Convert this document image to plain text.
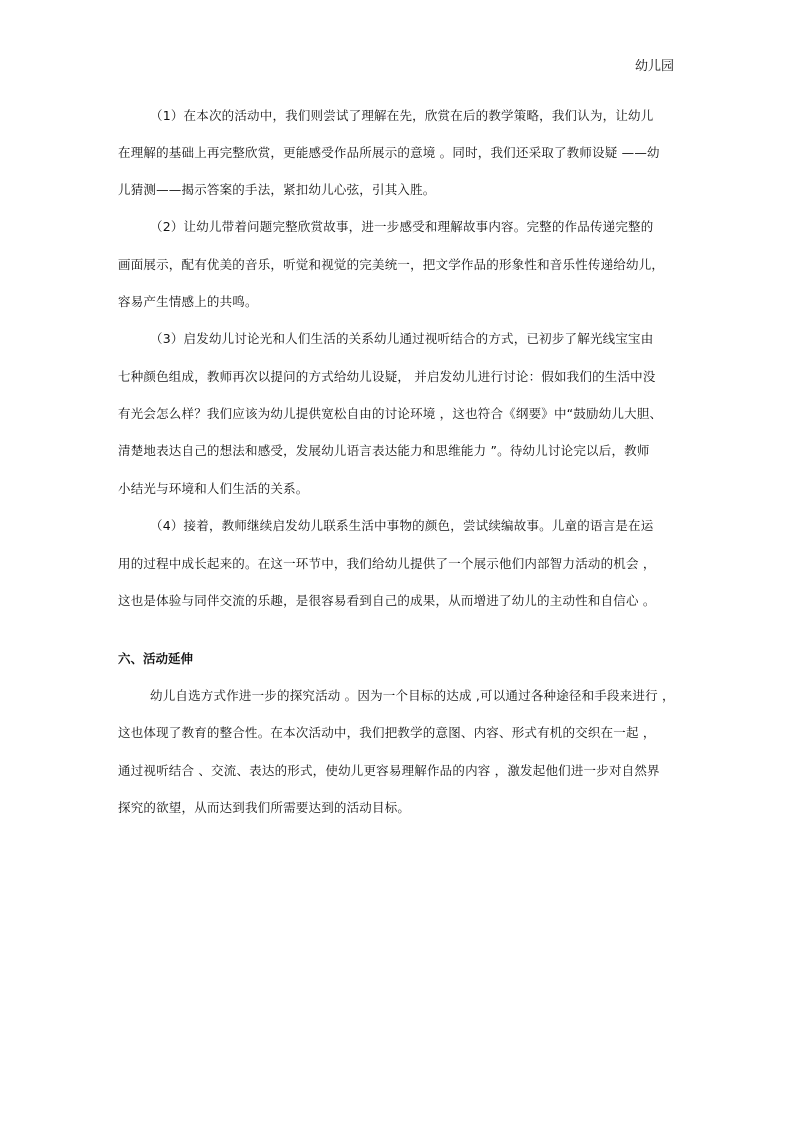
幼儿园
（1）在本次的活动中，我们则尝试了理解在先，欣赏在后的教学策略，我们认为，让幼儿
在理解的基础上再完整欣赏，更能感受作品所展示的意境 。同时，我们还采取了教师设疑 ——幼
儿猜测——揭示答案的手法，紧扣幼儿心弦，引其入胜。
（2）让幼儿带着问题完整欣赏故事，进一步感受和理解故事内容。完整的作品传递完整的
画面展示，配有优美的音乐，听觉和视觉的完美统一，把文学作品的形象性和音乐性传递给幼儿，
容易产生情感上的共鸣。
（3）启发幼儿讨论光和人们生活的关系幼儿通过视听结合的方式，已初步了解光线宝宝由
七种颜色组成，教师再次以提问的方式给幼儿设疑， 并启发幼儿进行讨论：假如我们的生活中没
有光会怎么样？我们应该为幼儿提供宽松自由的讨论环境 ，这也符合《纲要》中“鼓励幼儿大胆、
清楚地表达自己的想法和感受，发展幼儿语言表达能力和思维能力 ”。待幼儿讨论完以后，教师
小结光与环境和人们生活的关系。
（4）接着，教师继续启发幼儿联系生活中事物的颜色，尝试续编故事。儿童的语言是在运
用的过程中成长起来的。在这一环节中，我们给幼儿提供了一个展示他们内部智力活动的机会 ，
这也是体验与同伴交流的乐趣，是很容易看到自己的成果，从而增进了幼儿的主动性和自信心 。
六、活动延伸
幼儿自选方式作进一步的探究活动 。因为一个目标的达成 ,可以通过各种途径和手段来进行 ，
这也体现了教育的整合性。在本次活动中，我们把教学的意图、内容、形式有机的交织在一起 ，
通过视听结合 、交流、表达的形式，使幼儿更容易理解作品的内容 ，激发起他们进一步对自然界
探究的欲望，从而达到我们所需要达到的活动目标。
